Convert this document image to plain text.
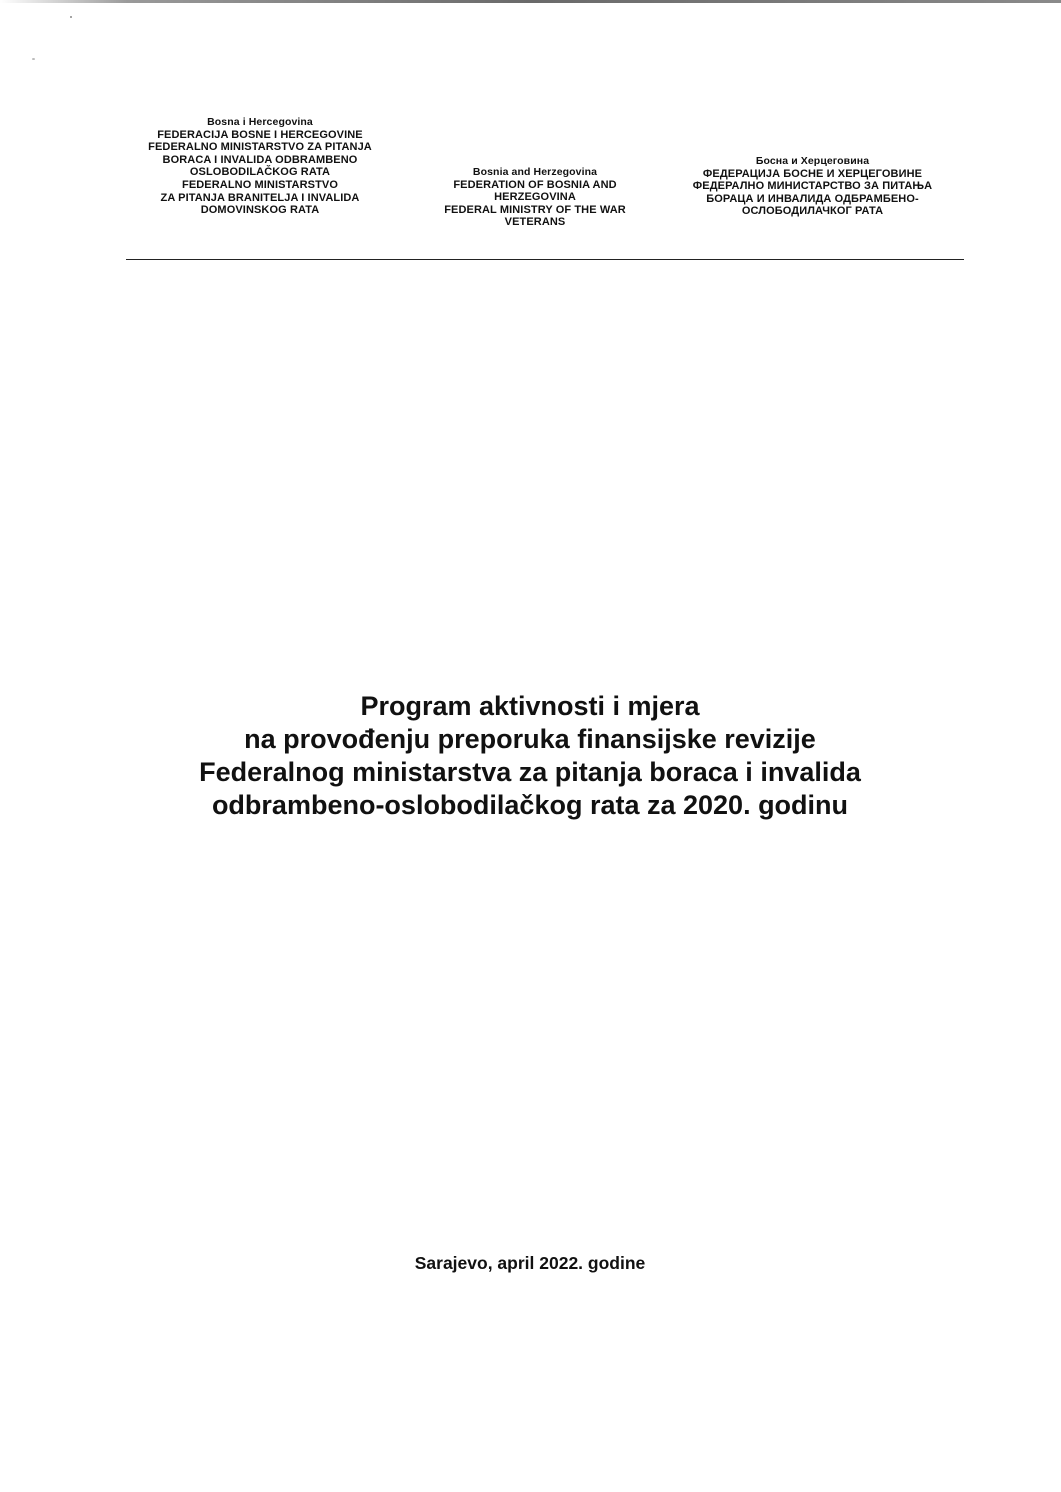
Bosna i Hercegovina
FEDERACIJA BOSNE I HERCEGOVINE
FEDERALNO MINISTARSTVO ZA PITANJA
BORACA I INVALIDA ODBRAMBENO
OSLOBODILAČKOG RATA
FEDERALNO MINISTARSTVO
ZA PITANJA BRANITELJA I INVALIDA
DOMOVINSKOG RATA
Bosnia and Herzegovina
FEDERATION OF BOSNIA AND
HERZEGOVINA
FEDERAL MINISTRY OF THE WAR
VETERANS
Босна и Херцеговина
ФЕДЕРАЦИЈА БОСНЕ И ХЕРЦЕГОВИНЕ
ФЕДЕРАЛНО МИНИСТАРСТВО ЗА ПИТАЊА
БОРАЦА И ИНВАЛИДА ОДБРАМБЕНО-
ОСЛОБОДИЛАЧКОГ РАТА
Program aktivnosti i mjera
na provođenju preporuka finansijske revizije
Federalnog ministarstva za pitanja boraca i invalida
odbrambeno-oslobodilačkog rata za 2020. godinu
Sarajevo, april 2022. godine
